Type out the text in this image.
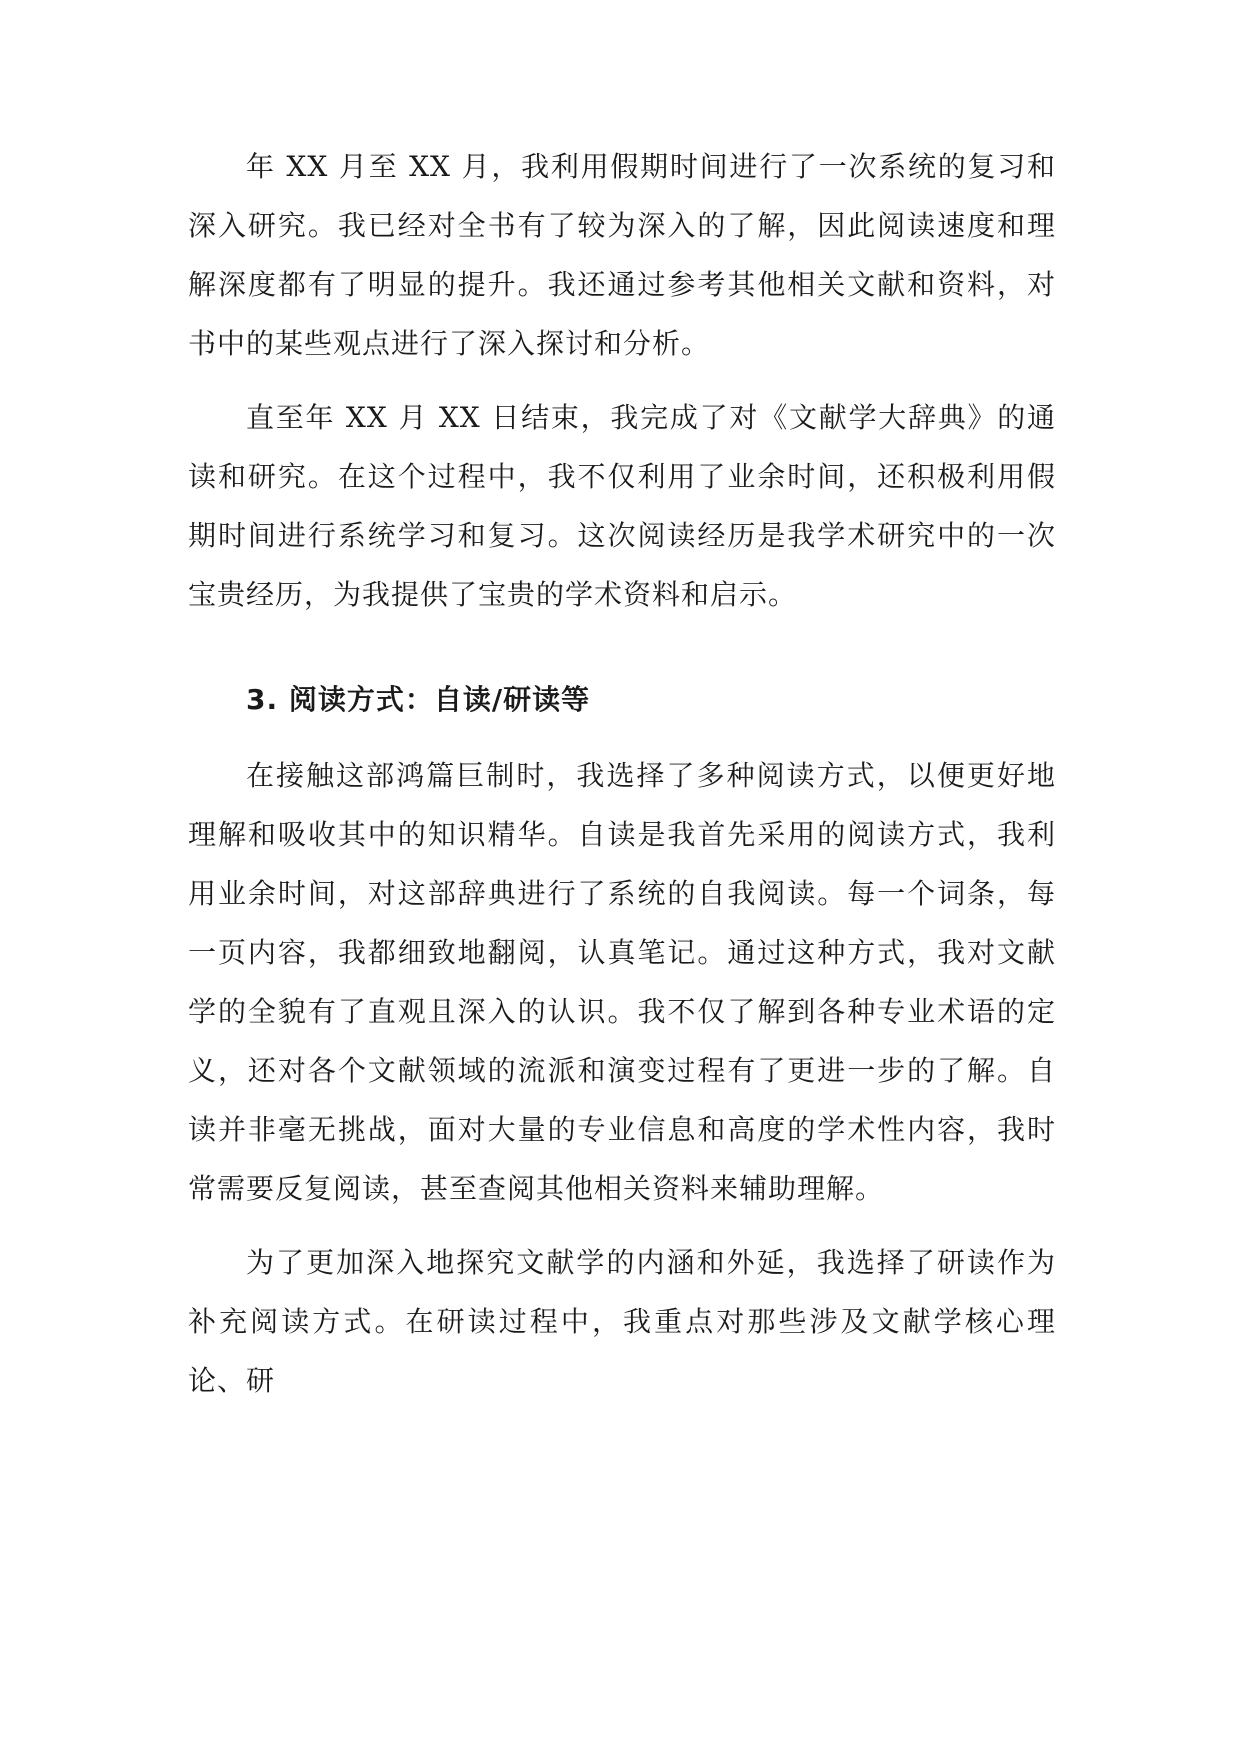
年 XX 月至 XX 月，我利用假期时间进行了一次系统的复习和深入研究。我已经对全书有了较为深入的了解，因此阅读速度和理解深度都有了明显的提升。我还通过参考其他相关文献和资料，对书中的某些观点进行了深入探讨和分析。

直至年 XX 月 XX 日结束，我完成了对《文献学大辞典》的通读和研究。在这个过程中，我不仅利用了业余时间，还积极利用假期时间进行系统学习和复习。这次阅读经历是我学术研究中的一次宝贵经历，为我提供了宝贵的学术资料和启示。

3. 阅读方式：自读/研读等

在接触这部鸿篇巨制时，我选择了多种阅读方式，以便更好地理解和吸收其中的知识精华。自读是我首先采用的阅读方式，我利用业余时间，对这部辞典进行了系统的自我阅读。每一个词条，每一页内容，我都细致地翻阅，认真笔记。通过这种方式，我对文献学的全貌有了直观且深入的认识。我不仅了解到各种专业术语的定义，还对各个文献领域的流派和演变过程有了更进一步的了解。自读并非毫无挑战，面对大量的专业信息和高度的学术性内容，我时常需要反复阅读，甚至查阅其他相关资料来辅助理解。

为了更加深入地探究文献学的内涵和外延，我选择了研读作为补充阅读方式。在研读过程中，我重点对那些涉及文献学核心理论、研
